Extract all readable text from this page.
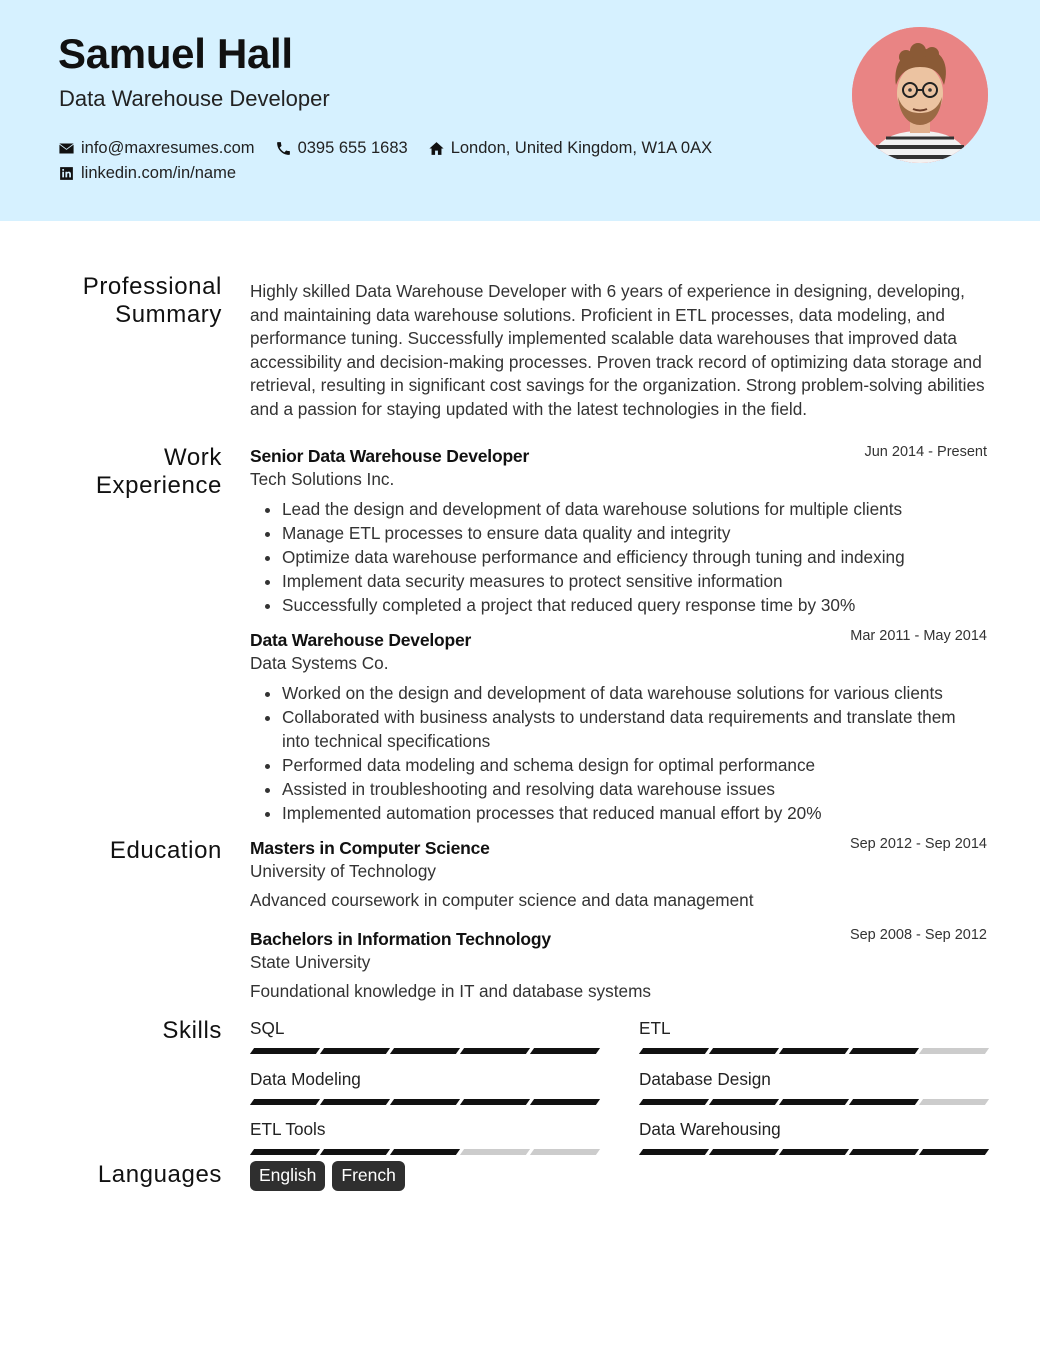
Samuel Hall
Data Warehouse Developer
info@maxresumes.com	0395 655 1683	London, United Kingdom, W1A 0AX
linkedin.com/in/name
Professional
Summary

Highly skilled Data Warehouse Developer with 6 years of experience in designing, developing, and maintaining data warehouse solutions. Proficient in ETL processes, data modeling, and performance tuning. Successfully implemented scalable data warehouses that improved data accessibility and decision-making processes. Proven track record of optimizing data storage and retrieval, resulting in significant cost savings for the organization. Strong problem-solving abilities and a passion for staying updated with the latest technologies in the field.

Work
Experience
Senior Data Warehouse Developer	Jun 2014 - Present
Tech Solutions Inc.
• Lead the design and development of data warehouse solutions for multiple clients
• Manage ETL processes to ensure data quality and integrity
• Optimize data warehouse performance and efficiency through tuning and indexing
• Implement data security measures to protect sensitive information
• Successfully completed a project that reduced query response time by 30%
Data Warehouse Developer	Mar 2011 - May 2014
Data Systems Co.
• Worked on the design and development of data warehouse solutions for various clients
• Collaborated with business analysts to understand data requirements and translate them into technical specifications
• Performed data modeling and schema design for optimal performance
• Assisted in troubleshooting and resolving data warehouse issues
• Implemented automation processes that reduced manual effort by 20%
Education Masters in Computer Science	Sep 2012 - Sep 2014
University of Technology
Advanced coursework in computer science and data management
Bachelors in Information Technology	Sep 2008 - Sep 2012
State University
Foundational knowledge in IT and database systems
Skills SQL	ETL
Data Modeling	Database Design
ETL Tools	Data Warehousing
Languages	English	French
